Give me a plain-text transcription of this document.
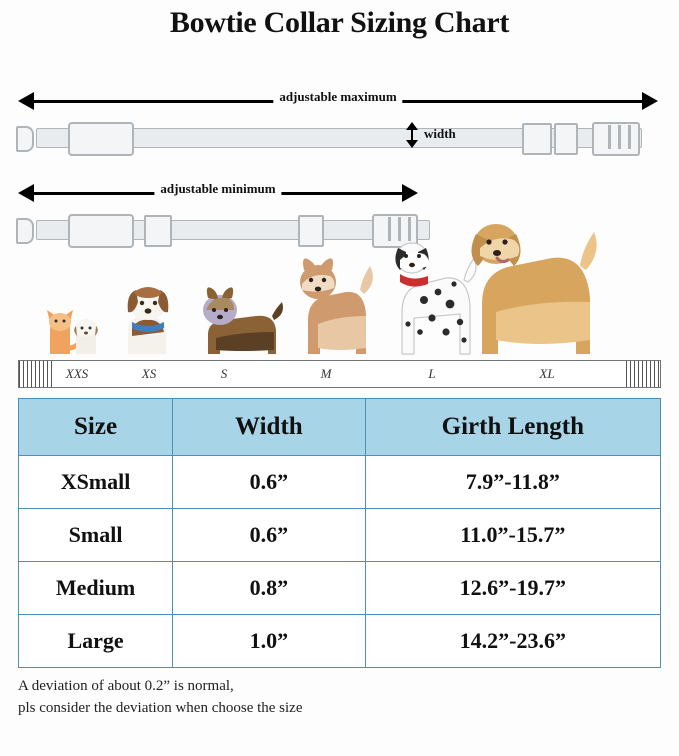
Bowtie Collar Sizing Chart
adjustable maximum
width
adjustable minimum
XXS	XS	S	M	L	XL
Size	Width	Girth Length
XSmall	0.6”	7.9”-11.8”
Small	0.6”	11.0”-15.7”
Medium	0.8”	12.6”-19.7”
Large	1.0”	14.2”-23.6”
A deviation of about 0.2” is normal,
pls consider the deviation when choose the size
